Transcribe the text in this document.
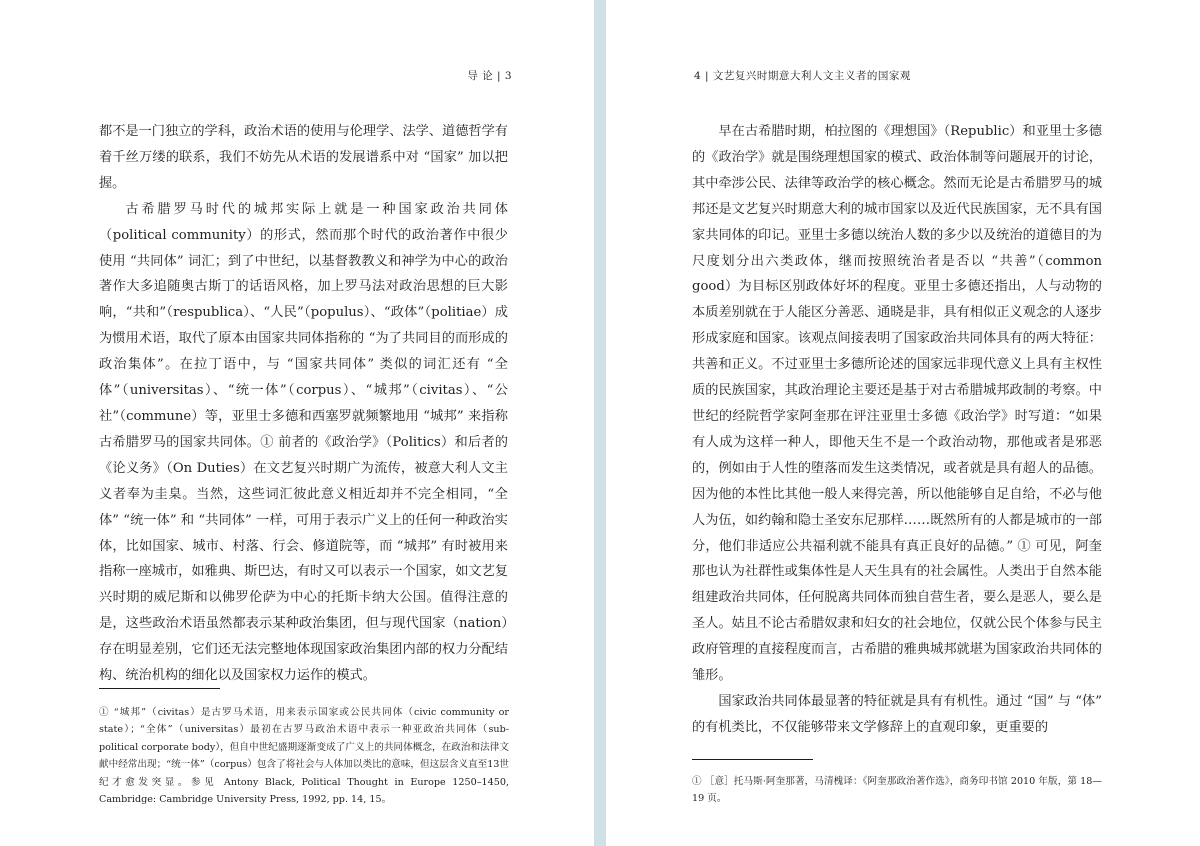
导 论 | 3

都不是一门独立的学科，政治术语的使用与伦理学、法学、道德哲学有着千丝万缕的联系，我们不妨先从术语的发展谱系中对 “国家” 加以把握。

古希腊罗马时代的城邦实际上就是一种国家政治共同体（political community）的形式，然而那个时代的政治著作中很少使用 “共同体” 词汇；到了中世纪，以基督教教义和神学为中心的政治著作大多追随奥古斯丁的话语风格，加上罗马法对政治思想的巨大影响，“共和”（respublica）、“人民”（populus）、“政体”（politiae）成为惯用术语，取代了原本由国家共同体指称的 “为了共同目的而形成的政治集体”。在拉丁语中，与 “国家共同体” 类似的词汇还有 “全体”（universitas）、“统一体”（corpus）、“城邦”（civitas）、“公社”（commune）等，亚里士多德和西塞罗就频繁地用 “城邦” 来指称古希腊罗马的国家共同体。① 前者的《政治学》（Politics）和后者的《论义务》（On Duties）在文艺复兴时期广为流传，被意大利人文主义者奉为圭臬。当然，这些词汇彼此意义相近却并不完全相同，“全体” “统一体” 和 “共同体” 一样，可用于表示广义上的任何一种政治实体，比如国家、城市、村落、行会、修道院等，而 “城邦” 有时被用来指称一座城市，如雅典、斯巴达，有时又可以表示一个国家，如文艺复兴时期的威尼斯和以佛罗伦萨为中心的托斯卡纳大公国。值得注意的是，这些政治术语虽然都表示某种政治集团，但与现代国家（nation）存在明显差别，它们还无法完整地体现国家政治集团内部的权力分配结构、统治机构的细化以及国家权力运作的模式。

① “城邦”（civitas）是古罗马术语，用来表示国家或公民共同体（civic community or state）；“全体”（universitas）最初在古罗马政治术语中表示一种亚政治共同体（sub-political corporate body），但自中世纪盛期逐渐变成了广义上的共同体概念，在政治和法律文献中经常出现；“统一体”（corpus）包含了将社会与人体加以类比的意味，但这层含义直至13世纪才愈发突显。参见 Antony Black, Political Thought in Europe 1250–1450, Cambridge: Cambridge University Press, 1992, pp. 14, 15。
4 | 文艺复兴时期意大利人文主义者的国家观

早在古希腊时期，柏拉图的《理想国》（Republic）和亚里士多德的《政治学》就是围绕理想国家的模式、政治体制等问题展开的讨论，其中牵涉公民、法律等政治学的核心概念。然而无论是古希腊罗马的城邦还是文艺复兴时期意大利的城市国家以及近代民族国家，无不具有国家共同体的印记。亚里士多德以统治人数的多少以及统治的道德目的为尺度划分出六类政体，继而按照统治者是否以 “共善”（common good）为目标区别政体好坏的程度。亚里士多德还指出，人与动物的本质差别就在于人能区分善恶、通晓是非，具有相似正义观念的人逐步形成家庭和国家。该观点间接表明了国家政治共同体具有的两大特征：共善和正义。不过亚里士多德所论述的国家远非现代意义上具有主权性质的民族国家，其政治理论主要还是基于对古希腊城邦政制的考察。中世纪的经院哲学家阿奎那在评注亚里士多德《政治学》时写道：“如果有人成为这样一种人，即他天生不是一个政治动物，那他或者是邪恶的，例如由于人性的堕落而发生这类情况，或者就是具有超人的品德。因为他的本性比其他一般人来得完善，所以他能够自足自给，不必与他人为伍，如约翰和隐士圣安东尼那样……既然所有的人都是城市的一部分，他们非适应公共福利就不能具有真正良好的品德。” ① 可见，阿奎那也认为社群性或集体性是人天生具有的社会属性。人类出于自然本能组建政治共同体，任何脱离共同体而独自营生者，要么是恶人，要么是圣人。姑且不论古希腊奴隶和妇女的社会地位，仅就公民个体参与民主政府管理的直接程度而言，古希腊的雅典城邦就堪为国家政治共同体的雏形。

国家政治共同体最显著的特征就是具有有机性。通过 “国” 与 “体” 的有机类比，不仅能够带来文学修辞上的直观印象，更重要的

① ［意］托马斯·阿奎那著，马清槐译：《阿奎那政治著作选》，商务印书馆 2010 年版，第 18—19 页。
